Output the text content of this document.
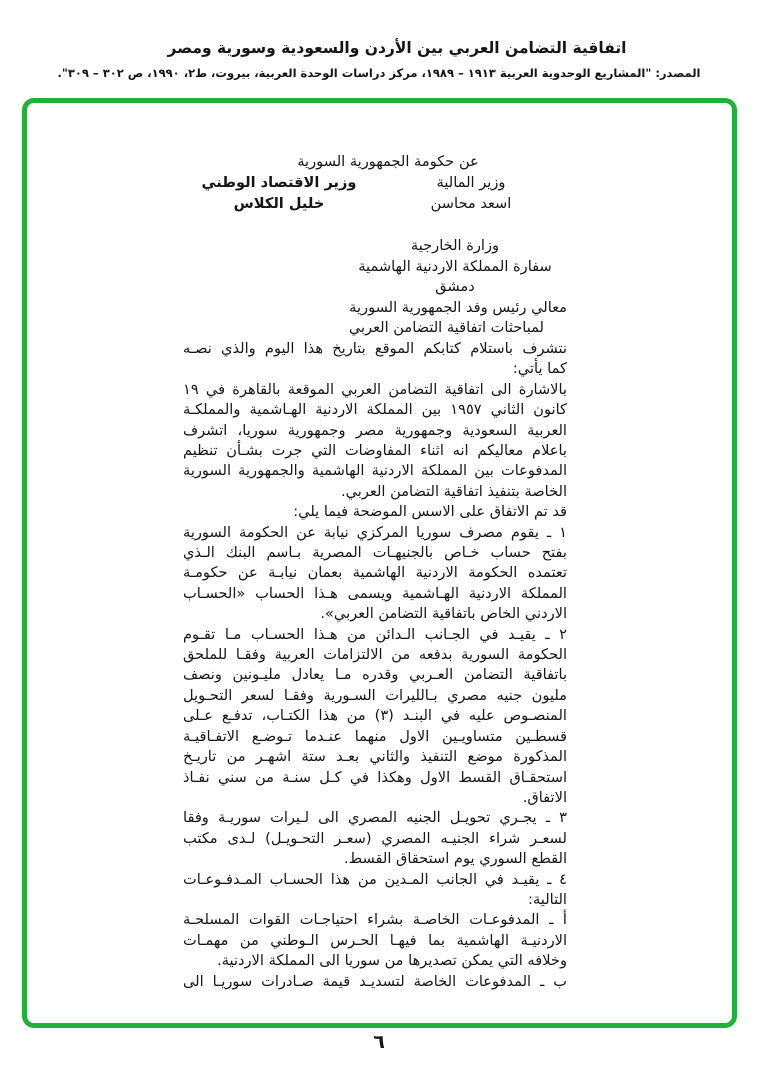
اتفاقية التضامن العربي بين الأردن والسعودية وسورية ومصر
المصدر: "المشاريع الوحدوية العربية ١٩١٣ – ١٩٨٩، مركز دراسات الوحدة العربية، بيروت، ط٢، ١٩٩٠، ص ٣٠٢ – ٣٠٩".
عن حكومة الجمهورية السورية
وزير المالية
اسعد محاسن
وزير الاقتصاد الوطني
خليل الكلاس
وزارة الخارجية
سفارة المملكة الاردنية الهاشمية
دمشق
معالي رئيس وفد الجمهورية السورية
لمباحثات اتفاقية التضامن العربي
نتشرف باستلام كتابكم الموقع بتاريخ هذا اليوم والذي نصـه
كما يأتي:
بالاشارة الى اتفاقية التضامن العربي الموقعة بالقاهرة في ١٩
كانون الثاني ١٩٥٧ بين المملكة الاردنية الهـاشمية والمملكـة
العربية السعودية وجمهورية مصر وجمهورية سوريا، اتشرف
باعلام معاليكم انه اثناء المفاوضات التي جرت بشـأن تنظيم
المدفوعات بين المملكة الاردنية الهاشمية والجمهورية السورية
الخاصة بتنفيذ اتفاقية التضامن العربي.
قد تم الاتفاق على الاسس الموضحة فيما يلي:
١ ـ يقوم مصرف سوريا المركزي نيابة عن الحكومة السورية
بفتح حساب خـاص بالجنيهـات المصرية بـاسم البنك الـذي
تعتمده الحكومة الاردنية الهاشمية بعمان نيابـة عن حكومـة
المملكة الاردنية الهـاشمية ويسمى هـذا الحساب «الحسـاب
الاردني الخاص باتفاقية التضامن العربي».
٢ ـ يقيـد في الجـانب الـدائن من هـذا الحسـاب مـا تقـوم
الحكومة السورية بدفعه من الالتزامات العربية وفقـا للملحق
باتفاقية التضامن العـربي وقدره مـا يعادل مليـونين ونصف
مليون جنيه مصري بـالليرات السـورية وفقـا لسعر التحـويل
المنصـوص عليه في البنـد (٣) من هذا الكتـاب، تدفـع عـلى
قسطـين متساويـين الاول منهما عنـدما تـوضـع الاتفـاقيـة
المذكورة موضع التنفيذ والثاني بعـد ستة اشهـر من تاريـخ
استحقـاق القسط الاول وهكذا في كـل سنـة من سني نفـاذ
الاتفاق.
٣ ـ يجـري تحويـل الجنيه المصري الى لـيرات سوريـة وفقا
لسعـر شراء الجنيـه المصري (سعـر التحـويـل) لـدى مكتب
القطع السوري يوم استحقاق القسط.
٤ ـ يقيـد في الجانب المـدين من هذا الحسـاب المـدفـوعـات
التالية:
أ ـ المدفوعـات الخاصـة بشراء احتياجـات القوات المسلحـة
الاردنيـة الهاشمية بما فيهـا الحـرس الـوطني من مهمـات
وخلافه التي يمكن تصديرها من سوريا الى المملكة الاردنية.
ب ـ المدفوعات الخاصة لتسديـد قيمة صـادرات سوريـا الى
٦
